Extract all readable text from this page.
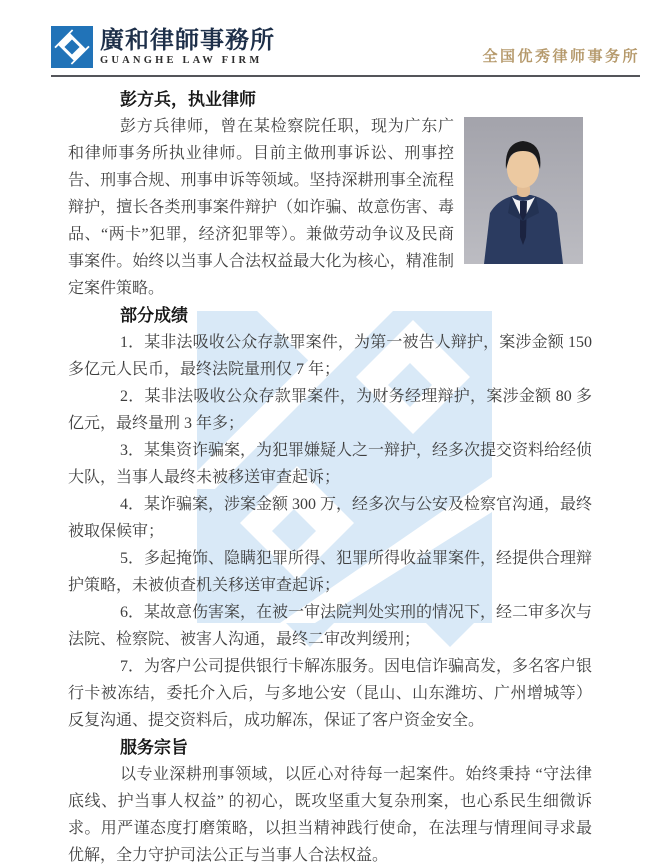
廣和律師事務所
GUANGHE LAW FIRM	全国优秀律师事务所
彭方兵，执业律师

彭方兵律师，曾在某检察院任职，现为广东广和律师事务所执业律师。目前主做刑事诉讼、刑事控告、刑事合规、刑事申诉等领域。坚持深耕刑事全流程辩护，擅长各类刑事案件辩护（如诈骗、故意伤害、毒品、“两卡”犯罪，经济犯罪等）。兼做劳动争议及民商事案件。始终以当事人合法权益最大化为核心，精准制定案件策略。

部分成绩

1．某非法吸收公众存款罪案件，为第一被告人辩护，案涉金额 150 多亿元人民币，最终法院量刑仅 7 年；

2．某非法吸收公众存款罪案件，为财务经理辩护，案涉金额 80 多亿元，最终量刑 3 年多；

3．某集资诈骗案，为犯罪嫌疑人之一辩护，经多次提交资料给经侦大队，当事人最终未被移送审查起诉；

4．某诈骗案，涉案金额 300 万，经多次与公安及检察官沟通，最终被取保候审；

5．多起掩饰、隐瞒犯罪所得、犯罪所得收益罪案件，经提供合理辩护策略，未被侦查机关移送审查起诉；

6．某故意伤害案，在被一审法院判处实刑的情况下，经二审多次与法院、检察院、被害人沟通，最终二审改判缓刑；

7．为客户公司提供银行卡解冻服务。因电信诈骗高发，多名客户银行卡被冻结，委托介入后，与多地公安（昆山、山东潍坊、广州增城等）反复沟通、提交资料后，成功解冻，保证了客户资金安全。

服务宗旨

以专业深耕刑事领域，以匠心对待每一起案件。始终秉持 “守法律底线、护当事人权益” 的初心，既攻坚重大复杂刑案，也心系民生细微诉求。用严谨态度打磨策略，以担当精神践行使命，在法理与情理间寻求最优解，全力守护司法公正与当事人合法权益。
